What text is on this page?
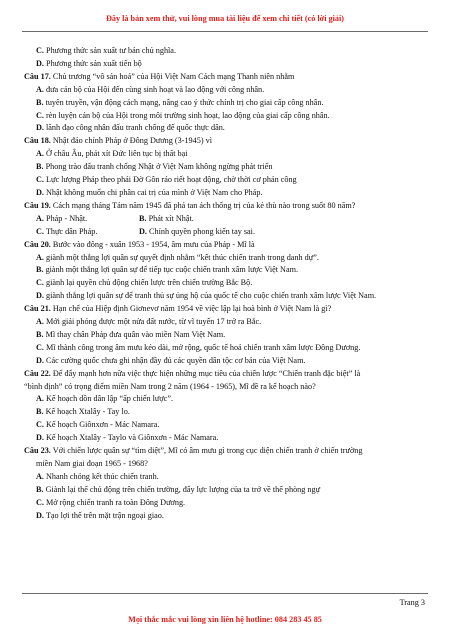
Đây là bản xem thử, vui lòng mua tài liệu để xem chi tiết (có lời giải)
C. Phương thức sản xuất tư bản chủ nghĩa.
D. Phương thức sản xuất tiến bộ
Câu 17. Chủ trương “vô sản hoá” của Hội Việt Nam Cách mạng Thanh niên nhằm
A. đưa cán bộ của Hội đến cùng sinh hoạt và lao động với công nhân.
B. tuyên truyền, vận động cách mạng, nâng cao ý thức chính trị cho giai cấp công nhân.
C. rèn luyện cán bộ của Hội trong môi trường sinh hoạt, lao động của giai cấp công nhân.
D. lãnh đạo công nhân đấu tranh chống đế quốc thực dân.
Câu 18. Nhật đảo chính Pháp ở Đông Dương (3-1945) vì
A. Ở châu Âu, phát xít Đức liên tục bị thất bại
B. Phong trào đấu tranh chống Nhật ở Việt Nam không ngừng phát triển
C. Lực lượng Pháp theo phái Đờ Gôn ráo riết hoạt động, chờ thời cơ phản công
D. Nhật không muốn chi phân cai trị của mình ở Việt Nam cho Pháp.
Câu 19. Cách mạng tháng Tám năm 1945 đã phá tan ách thống trị của kẻ thù nào trong suốt 80 năm?
A. Pháp - Nhật.	B. Phát xít Nhật.
C. Thực dân Pháp.	D. Chính quyền phong kiến tay sai.
Câu 20. Bước vào đông - xuân 1953 - 1954, âm mưu của Pháp - Mĩ là
A. giành một thắng lợi quân sự quyết định nhằm “kết thúc chiến tranh trong danh dự”.
B. giành một thắng lợi quân sự để tiếp tục cuộc chiến tranh xâm lược Việt Nam.
C. giành lại quyền chủ động chiến lược trên chiến trường Bắc Bộ.
D. giành thắng lợi quân sự để tranh thủ sự ủng hộ của quốc tế cho cuộc chiến tranh xâm lược Việt Nam.
Câu 21. Hạn chế của Hiệp định Giơnevơ năm 1954 về việc lập lại hoà bình ở Việt Nam là gì?
A. Mới giải phóng được một nửa đất nước, từ vĩ tuyến 17 trở ra Bắc.
B. Mĩ thay chân Pháp đưa quân vào miền Nam Việt Nam.
C. Mĩ thành công trong âm mưu kéo dài, mở rộng, quốc tế hoá chiến tranh xâm lược Đông Dương.
D. Các cường quốc chưa ghi nhận đầy đủ các quyền dân tộc cơ bản của Việt Nam.
Câu 22. Để đẩy mạnh hơn nữa việc thực hiện những mục tiêu của chiến lược “Chiến tranh đặc biệt” là
“bình định” có trọng điểm miền Nam trong 2 năm (1964 - 1965), Mĩ đề ra kế hoạch nào?
A. Kế hoạch dồn dân lập “ấp chiến lược”.
B. Kế hoạch Xtalây - Tay lo.
C. Kế hoạch Giônxơn - Mác Namara.
D. Kế hoạch Xtalây - Taylo và Giônxơn - Mác Namara.
Câu 23. Với chiến lược quân sự “tìm diệt”, Mĩ có âm mưu gì trong cục diện chiến tranh ở chiến trường
miền Nam giai đoạn 1965 - 1968?
A. Nhanh chóng kết thúc chiến tranh.
B. Giành lại thế chủ động trên chiến trường, đẩy lực lượng của ta trở về thế phòng ngự
C. Mở rộng chiến tranh ra toàn Đông Dương.
D. Tạo lợi thế trên mặt trận ngoại giao.
Trang 3
Mọi thắc mắc vui lòng xin liên hệ hotline: 084 283 45 85
